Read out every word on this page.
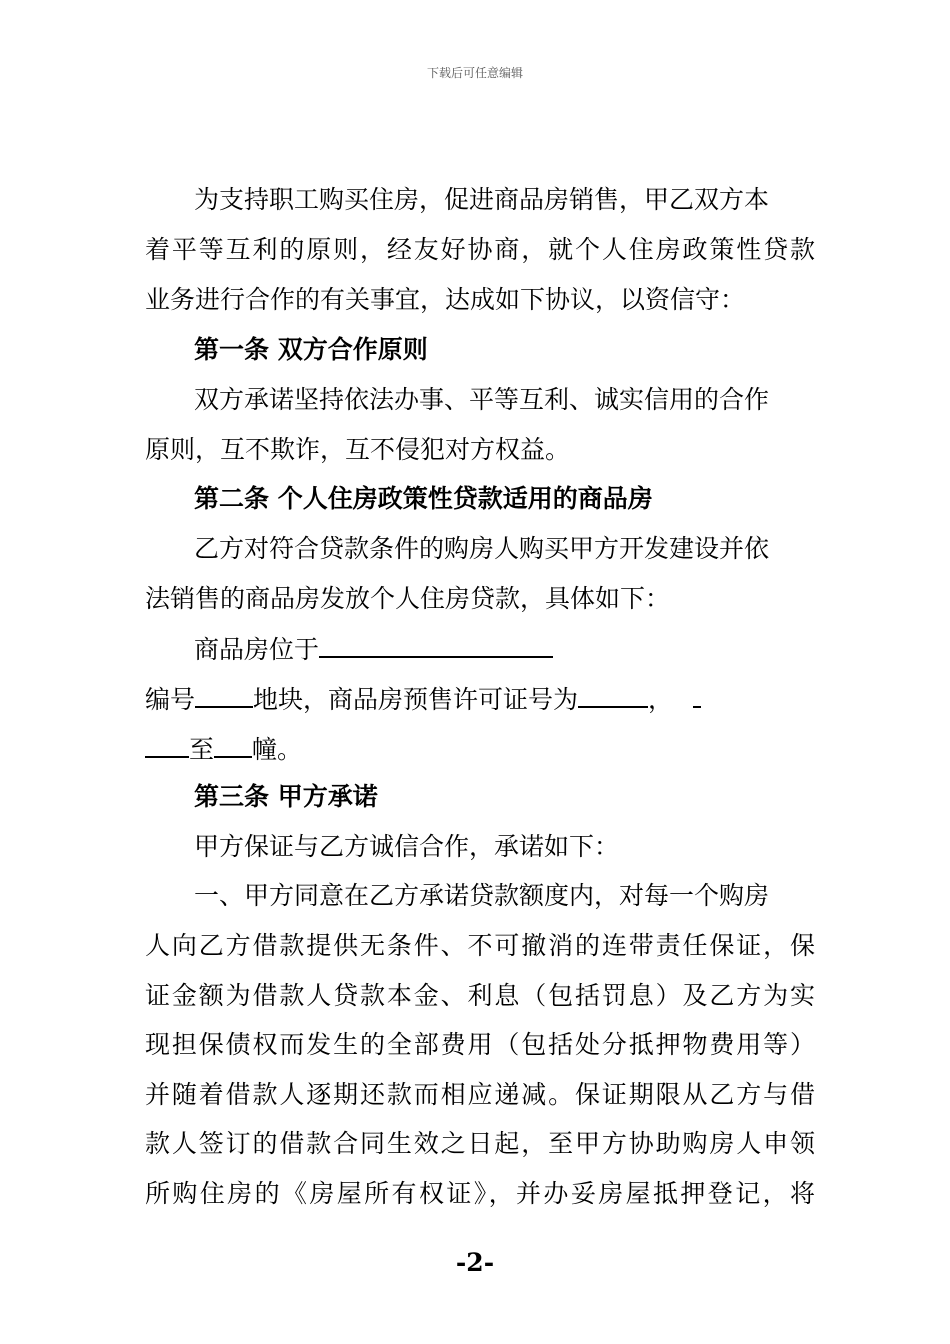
下载后可任意编辑
为支持职工购买住房，促进商品房销售，甲乙双方本
着平等互利的原则，经友好协商，就个人住房政策性贷款
业务进行合作的有关事宜，达成如下协议，以资信守：
第一条 双方合作原则
双方承诺坚持依法办事、平等互利、诚实信用的合作
原则，互不欺诈，互不侵犯对方权益。
第二条 个人住房政策性贷款适用的商品房
乙方对符合贷款条件的购房人购买甲方开发建设并依
法销售的商品房发放个人住房贷款，具体如下：
商品房位于
编号 地块，商品房预售许可证号为	，
至 幢。
第三条 甲方承诺
甲方保证与乙方诚信合作，承诺如下：
一、甲方同意在乙方承诺贷款额度内，对每一个购房
人向乙方借款提供无条件、不可撤消的连带责任保证，保
证金额为借款人贷款本金、利息（包括罚息）及乙方为实
现担保债权而发生的全部费用（包括处分抵押物费用等）
并随着借款人逐期还款而相应递减。保证期限从乙方与借
款人签订的借款合同生效之日起，至甲方协助购房人申领
所购住房的《房屋所有权证》，并办妥房屋抵押登记，将
-2-
